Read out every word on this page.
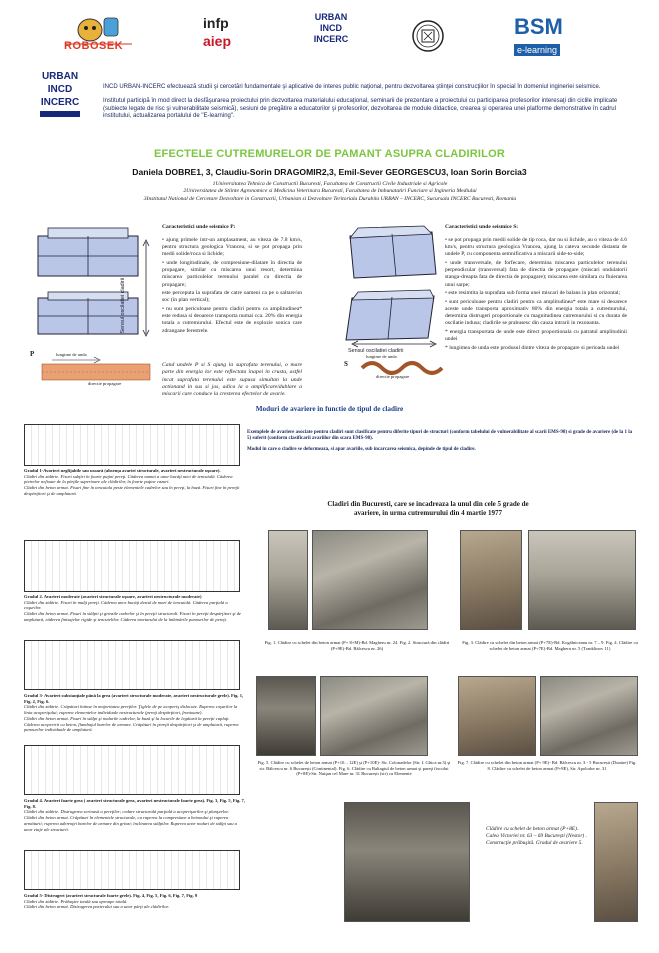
ROBOSEK
infp
aiep
URBAN
INCD
INCERC	BSM
e-learning
URBAN
INCD
INCERC

INCD URBAN-INCERC efectuează studii şi cercetări fundamentale şi aplicative de interes public naţional, pentru dezvoltarea ştiinţei construcţiilor în special în domeniul ingineriei seismice.

Institutul participă în mod direct la desfăşurarea proiectului prin dezvoltarea materialului educaţional, seminarii de prezentare a proiectului cu participarea profesorilor interesaţi din ciclile implicate (subiecte legate de risc şi vulnerabilitate seismică), sesiuni de pregătire a educatorilor şi profesorilor, dezvoltarea de module didactice, crearea şi operarea unei platforme demonstrative în cadrul institutului, actualizarea portalului de "E-learning".

EFECTELE CUTREMURELOR DE PAMANT ASUPRA CLADIRILOR
Daniela DOBRE1, 3, Claudiu-Sorin DRAGOMIR2,3, Emil-Sever GEORGESCU3, Ioan Sorin Borcia3
1Universitatea Tehnica de Constructii Bucuresti, Facultatea de Constructii Civile Industriale si Agricole
2Universitatea de Stiinte Agronomice si Medicina Veterinara Bucuresti, Facultatea de Imbunatatiri Funciare si Ingineria Mediului
3Institutul National de Cercetare Dezvoltare in Constructii, Urbanism si Dezvoltare Teritoriala Durabila URBAN – INCERC, Sucursala INCERC Bucuresti, Romania
Sensul oscilatiei cladirii
P	lungime de unda
directie propagare

Caracteristici unde seismice P:

• ajung primele intr-un amplasament, au viteza de 7.8 km/s, pentru structura geologica Vrancea, si se pot propaga prin medii solide/roca si lichide;

• unde longitudinale, de compresiune-dilatare în directia de propagare, similar cu miscarea unui resort, determina miscarea particulelor terenului paralel cu directia de propagare;

este perceputa la suprafata de catre oameni ca pe o saltare/un soc (in plan vertical);

• nu sunt periculoase pentru cladiri pentru ca amplitudinea* este redusa si deoarece transporta numai cca. 20% din energia totala a cutremurului. Efectul este de explozie sonica care zdrangane ferestrele.

Cand undele P si S ajung la suprafata terenului, o mare parte din energia lor este reflectata inapoi in crusta, astfel incat suprafata terenului este supusa simultan la unde actionand in sus si jos, adica la o amplificare/dublare a miscarii care conduce la cresterea efectelor de avarie.
Sensul oscilatiei cladirii
S
lungime de unda
directie propagare

Caracteristici unde seismice S:

• se pot propaga prin medii solide de tip roca, dar nu si lichide, au o viteza de 4.6 km/s, pentru structura geologica Vrancea, ajung la cateva secunde distanta de undele P, cu componenta semnificativa a miscarii side-to-side;

• unde transversale, de forfecare, determina miscarea particulelor terenului perpendicular (transversal) fata de directia de propagare (miscari ondulatorii stanga-dreapta fata de directia de propagare); miscarea este similara cu fluierarea unui sarpe;

• este resimtita la suprafata sub forma unei miscari de balans in plan orizontal;

• sunt periculoase pentru cladiri pentru ca amplitudinea* este mare si deoarece aceste unde transporta aproximativ 80% din energia totala a cutremurului, determina distrugeri proportionale cu magnitudinea cutremurului si cu durata de oscilatie indusa; cladirile se prabusesc din cauza intrarii in rezonanta.

* energia transportata de unde este direct proportionala cu patratul amplitudinii undei

* lungimea de unda este produsul dintre viteza de propagare si perioada undei

Moduri de avariere in functie de tipul de cladire

Gradul 1-Avarieri neglijabile sau usoară (absenţa avariei structurale, avarieri nestructurale uşoare).

Clădiri din zidărie. Fisuri subţiri în foarte puţini pereţi. Căderea numai a unor bucăţi mici de tencuială. Căderea pietrelor nefixate de la părţile superioare ale clădirilor, în foarte puţine cazuri.

Clădiri din beton armat. Fisuri fine în tencuiala peste elementele cadrelor sau în pereţi, la bază. Fisuri fine în pereţii despărţitori şi de umplutură.

Gradul 2. Avarieri moderate (avarieri structurale uşoare, avarieri nestructurale moderate)

Clădiri din zidărie. Fisuri în mulţi pereţi. Căderea unor bucăţi destul de mari de tencuială. Căderea parţială a coşurilor.

Clădiri din beton armat. Fisuri în stâlpii şi grinzile cadrelor şi în pereţii structurali. Fisuri în pereţii despărţitori şi de umplutură, căderea finisajelor rigide şi tencuielilor. Căderea mortarului de la îmbinările panourilor de pereţi.

Gradul 3- Avarieri substanţiale până la grea (avarieri structurale moderate, avarieri nestructurale grele). Fig. 1, Fig. 2, Fig. 6.

Clădiri din zidărie. Crăpături întinse în majoritatea pereţilor. Ţiglele de pe acoperiş dislocate. Ruperea coşurilor la linia acoperişului; ruperea elementelor individuale nestructurale (pereţi despărţitori, frontoane).

Clădiri din beton armat. Fisuri în stâlpi şi nodurile cadrelor, la bază şi la locurile de legătură la pereţii cuplaţi. Căderea acoperirii cu beton, flambajul barelor de armare. Crăpături în pereţii despărţitori şi de umplutură, ruperea panourilor individuale de umplutură.

Gradul 4. Avarieri foarte grea ( avarieri structurale grea, avarieri nestructurale foarte grea). Fig. 3, Fig. 5, Fig. 7, Fig. 8.

Clădiri din zidărie. Distrugerea serioasă a pereţilor; cedare structurală parţială a acoperişurilor şi planşeelor.

Clădiri din beton armat. Crăpături în elementele structurale, cu ruperea la compresiune a betonului şi ruperea armăturii; ruperea aderenţei barelor de armare din grinzi; înclinarea stâlpilor. Ruperea unor noduri de stâlpi sau a unor etaje ale structurii.

Gradul 5- Distrugeri (avarieri structurale foarte grele). Fig. 4, Fig. 5, Fig. 6, Fig. 7, Fig. 9

Clădiri din zidărie. Prăbuşire totală sau aproape totală.

Clădiri din beton armat. Distrugerea parterului sau a unor părţi ale clădirilor.

Exemplele de avariere asociate pentru cladiri sunt clasificate pentru diferite tipuri de structuri (conform tabelului de vulnerabilitate al scarii EMS-98) si grade de avariere (de la 1 la 5) suferit (conform clasificarii avariilor din scara EMS-98).

Modul in care o cladire se deformeaza, si apar avariile, sub incarcarea seismica, depinde de tipul de cladire.

Cladiri din Bucuresti, care se incadreaza la unul din cele 5 grade de avariere, in urma cutremurului din 4 martie 1977
Fig. 1. Clădire cu schelet din beton armat (P+ 8+M)-Bd. Magheru nr. 24. Fig. 2. Structură din clădiri (P+9E)-Bd. Bălcescu nr. 26)
Fig. 3. Clădire cu schelet din beton armat (P+7E)-Bd. Kogălniceanu nr. 7 – 9. Fig. 4. Clădire cu schelet de beton armat (P+7E)-Bd. Magheru nr. 5 (Tranklinov 11)
Fig. 5. Clădire cu schelet de beton armat (P+10... 12E) şi (P+10E)- Str. Colonadelor (Str. I. Ghica nr.3) şi str. Bălcescu nr. 6 București (Continental). Fig. 6. Clădire cu Baltagiul de beton armat şi pareţi fixcului (P+8E)-Str. Nutţan cel Mare nr. 31 București (str) cu Elemente
Fig. 7. Clădire cu schelet din beton armat (P+ 9E)- Bd. Bălcescu nr. 3 - 5 București (Dunăre) Fig. 8. Clădire cu schelet de beton armat (P+8E), Str. Apolodor nr. 31
Clădire cu schelet de beton armat (P+8E). Calea Victoriei nr. 63 – 69 București (Nestor) . Construcţie prăbuşită. Gradul de avariere 5.
